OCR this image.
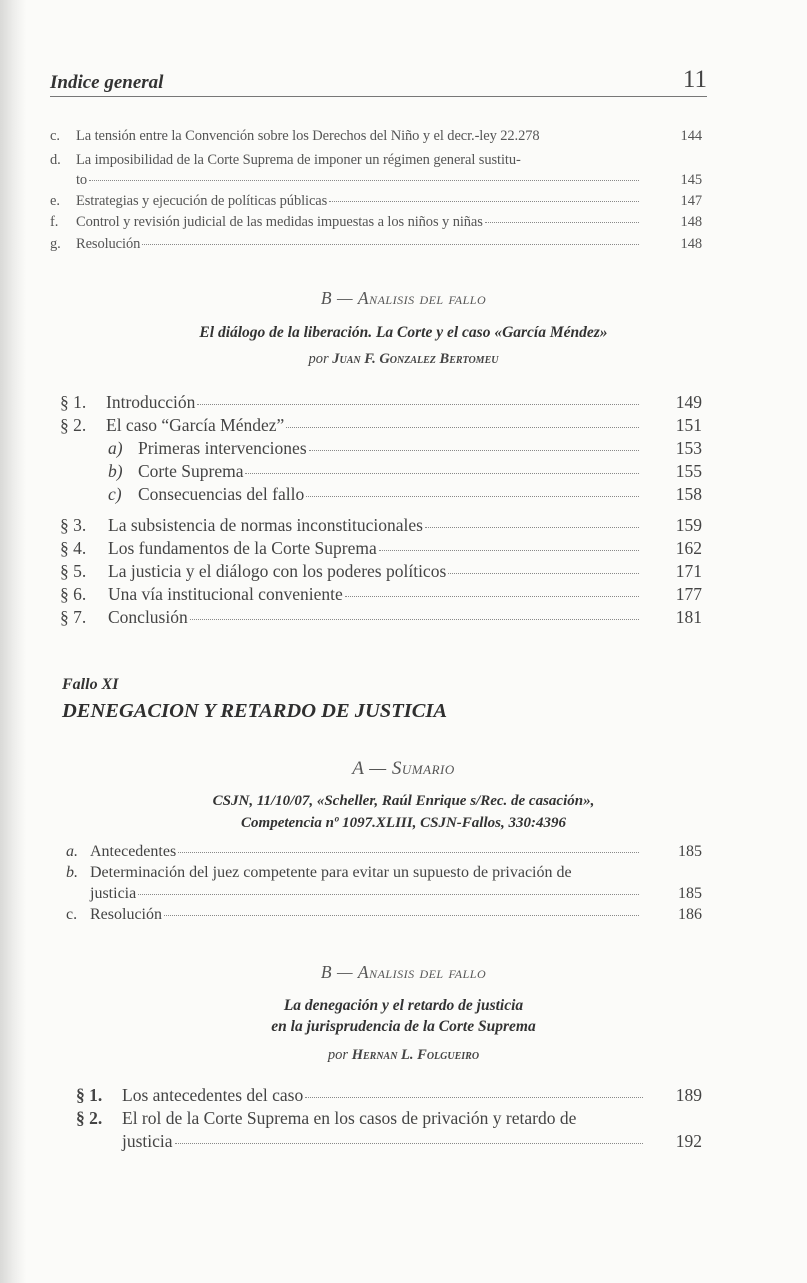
Indice general	11
c.	La tensión entre la Convención sobre los Derechos del Niño y el decr.-ley 22.278	144
d.	La imposibilidad de la Corte Suprema de imponer un régimen general sustitu-
to	145
e.	Estrategias y ejecución de políticas públicas	147
f.	Control y revisión judicial de las medidas impuestas a los niños y niñas	148
g.	Resolución	148
B — Analisis del fallo
El diálogo de la liberación. La Corte y el caso «García Méndez»
por Juan F. Gonzalez Bertomeu
§ 1.	Introducción	149
§ 2.	El caso “García Méndez”	151
a) Primeras intervenciones	153
b) Corte Suprema	155
c) Consecuencias del fallo	158
§ 3.	La subsistencia de normas inconstitucionales	159
§ 4.	Los fundamentos de la Corte Suprema	162
§ 5.	La justicia y el diálogo con los poderes políticos	171
§ 6.	Una vía institucional conveniente	177
§ 7.	Conclusión	181
Fallo XI
DENEGACION Y RETARDO DE JUSTICIA
A — Sumario
CSJN, 11/10/07, «Scheller, Raúl Enrique s/Rec. de casación»,
Competencia nº 1097.XLIII, CSJN-Fallos, 330:4396
a. Antecedentes	185
b. Determinación del juez competente para evitar un supuesto de privación de
justicia	185
c. Resolución	186
B — Analisis del fallo
La denegación y el retardo de justicia
en la jurisprudencia de la Corte Suprema
por Hernan L. Folgueiro
§ 1.	Los antecedentes del caso	189
§ 2.	El rol de la Corte Suprema en los casos de privación y retardo de
justicia	192
